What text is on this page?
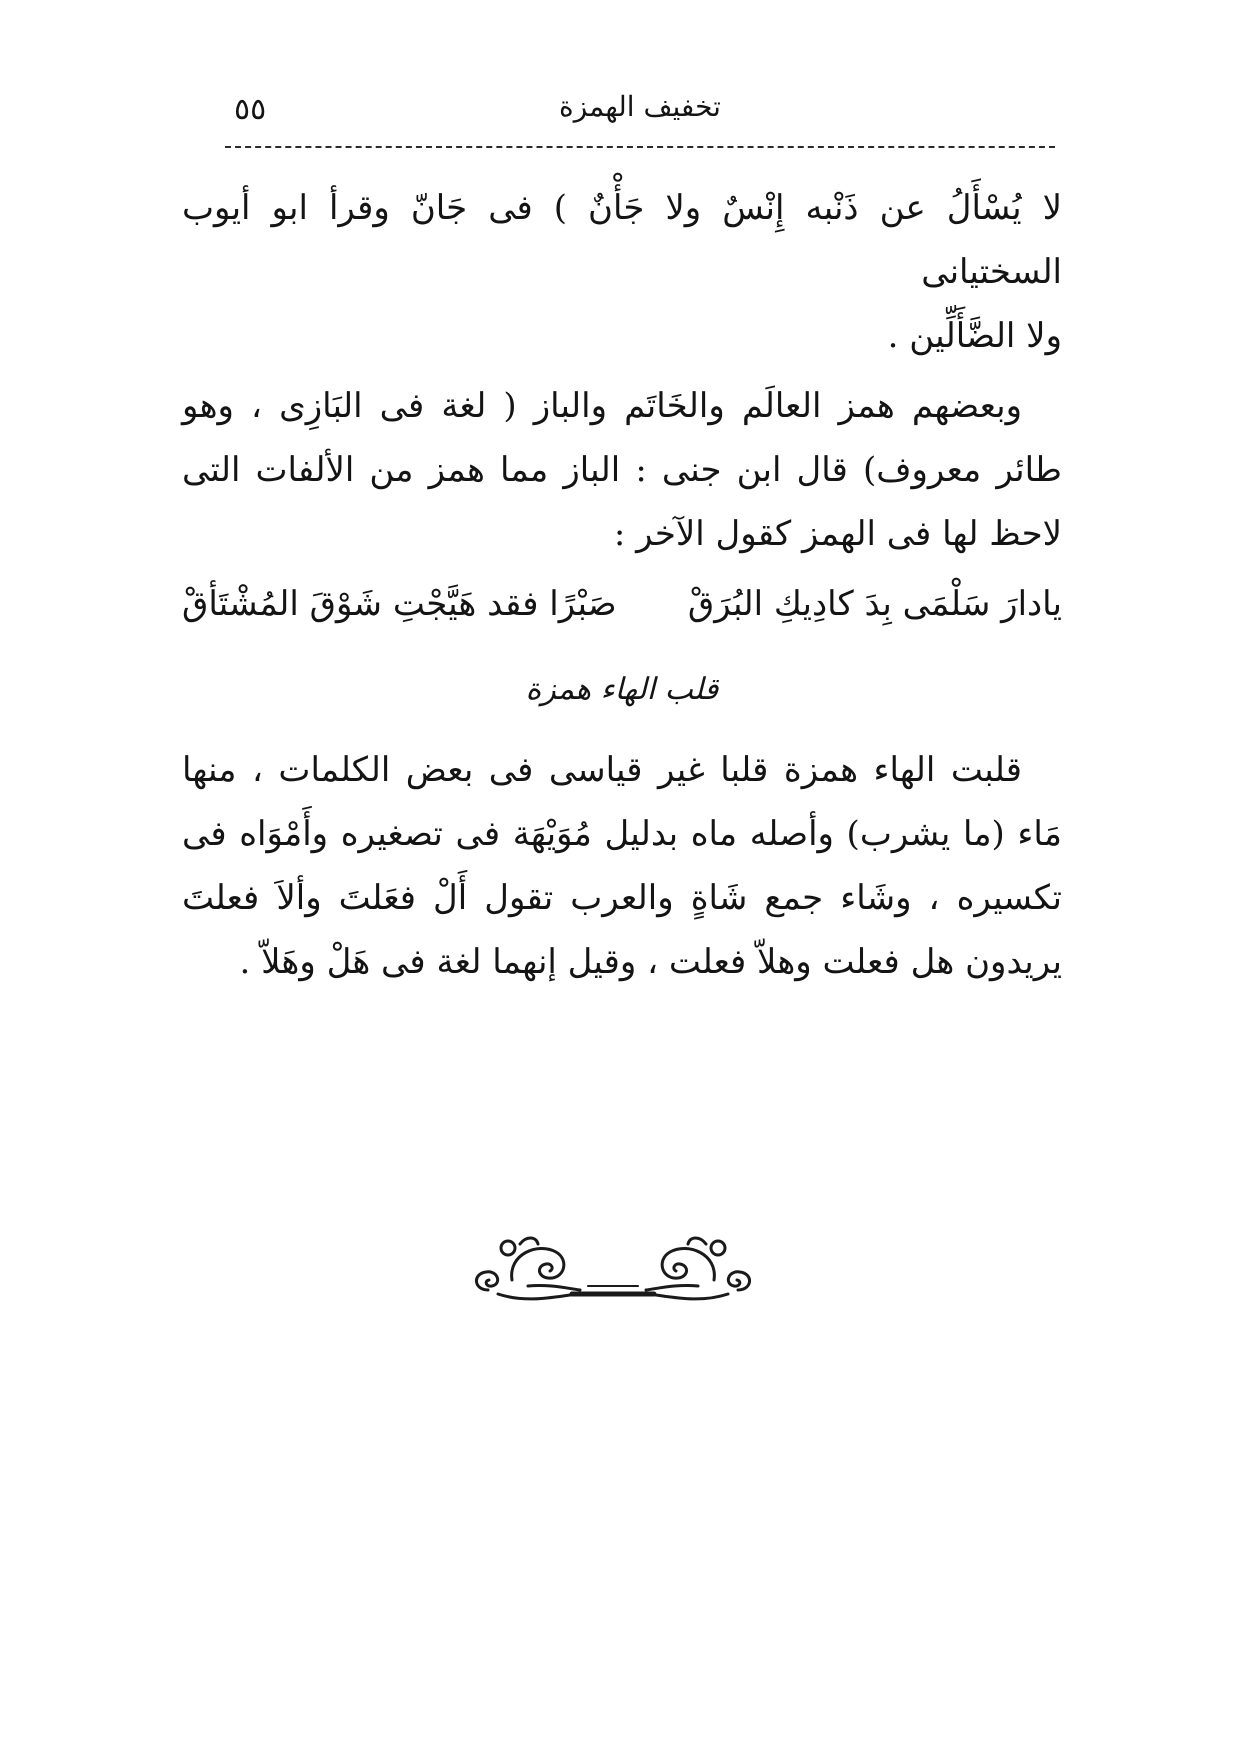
٥٥	تخفيف الهمزة

لا يُسْأَلُ عن ذَنْبه إِنْسٌ ولا جَأْنٌ ) فى جَانّ وقرأ ابو أيوب السختيانى
ولا الضَّأَلِّين .

وبعضهم همز العالَم والخَاتَم والباز ( لغة فى البَازِى ، وهو طائر معروف) قال ابن جنى : الباز مما همز من الألفات التى لاحظ لها فى الهمز كقول الآخر :

يادارَ سَلْمَى بِدَ كادِيكِ البُرَقْ
صَبْرًا فقد هَيَّجْتِ شَوْقَ المُشْتَأقْ
قلب الهاء همزة

قلبت الهاء همزة قلبا غير قياسى فى بعض الكلمات ، منها مَاء (ما يشرب) وأصله ماه بدليل مُوَيْهَة فى تصغيره وأَمْوَاه فى تكسيره ، وشَاء جمع شَاةٍ والعرب تقول أَلْ فعَلتَ وألاَ فعلتَ يريدون هل فعلت وهلاّ فعلت ، وقيل إنهما لغة فى هَلْ وهَلاّ .
